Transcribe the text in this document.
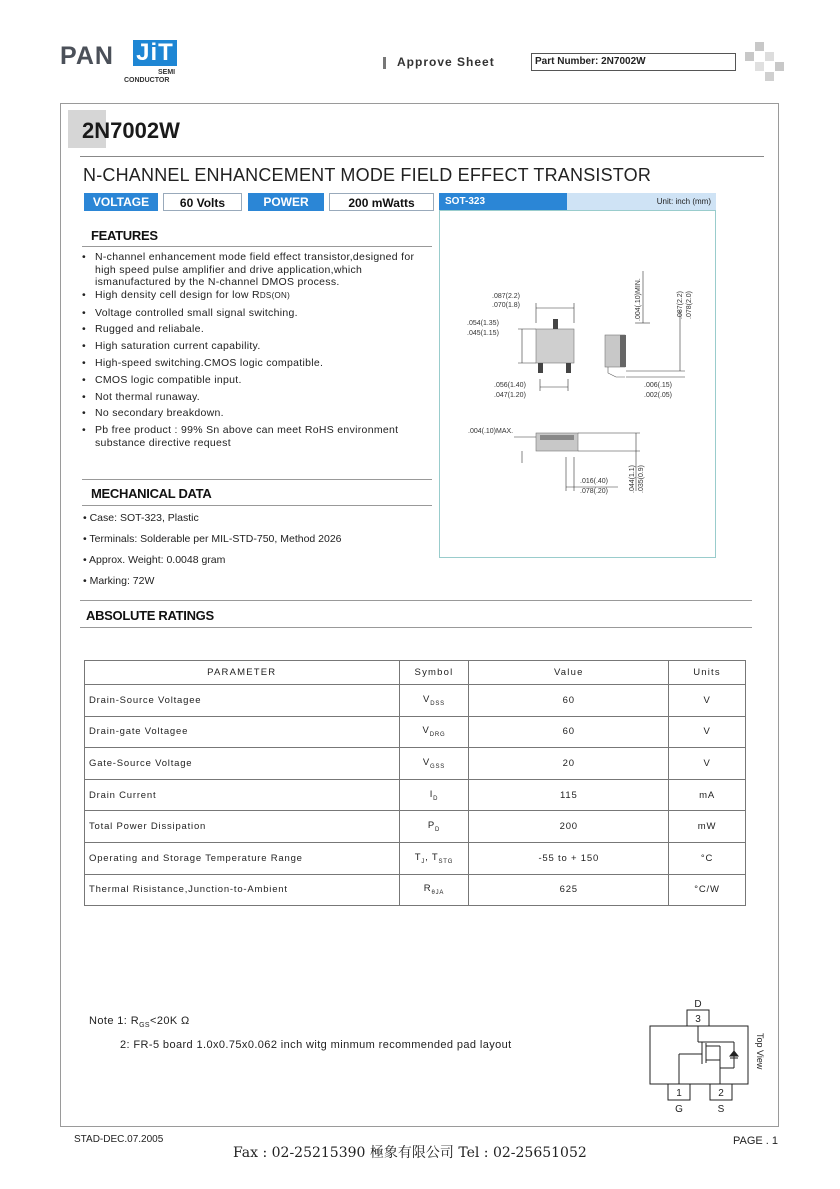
PAN JiT
SEMI
CONDUCTOR
Approve Sheet	Part Number: 2N7002W
2N7002W
N-CHANNEL ENHANCEMENT MODE FIELD EFFECT TRANSISTOR
VOLTAGE	60 Volts	POWER	200 mWatts	SOT-323	Unit: inch (mm)
.087(2.2)
.070(1.8)
.054(1.35)
.045(1.15)
.056(1.40)
.047(1.20)
.006(.15)
.002(.05)
.004(.10)MAX.
.016(.40)
.078(.20)
.004(.10)MIN.	.087(2.2) .078(2.0)
.044(1.1) .035(0.9)
FEATURES
• N-channel enhancement mode field effect transistor,designed for high speed pulse amplifier and drive application,which ismanufactured by the N-channel DMOS process.
• High density cell design for low RDS(ON)
• Voltage controlled small signal switching.
• Rugged and reliabale.
• High saturation current capability.
• High-speed switching.CMOS logic compatible.
• CMOS logic compatible input.
• Not thermal runaway.
• No secondary breakdown.
• Pb free product : 99% Sn above can meet RoHS environment substance directive request
MECHANICAL DATA
• Case: SOT-323, Plastic
• Terminals: Solderable per MIL-STD-750, Method 2026
• Approx. Weight: 0.0048 gram
• Marking: 72W
ABSOLUTE RATINGS
PARAMETER	Symbol	Value	Units
Drain-Source Voltagee	$V_{DSS}$	60	V
Drain-gate Voltagee	$V_{DRG}$	60	V
Gate-Source Voltage	$V_{GSS}$	20	V
Drain Current	$I_D$	115	mA
Total Power Dissipation	$P_D$	200	mW
Operating and Storage Temperature Range	$T_J$, $T_{STG}$	-55 to + 150	°C
Thermal Risistance,Junction-to-Ambient	$R_{\theta JA}$	625	°C/W
Note 1: $R_{GS}<20K$ Ω
2: FR-5 board 1.0x0.75x0.062 inch witg minmum recommended pad layout
D
3
1	2
G	S
Top View
STAD-DEC.07.2005	PAGE . 1
Fax : 02-25215390 極象有限公司 Tel : 02-25651052
